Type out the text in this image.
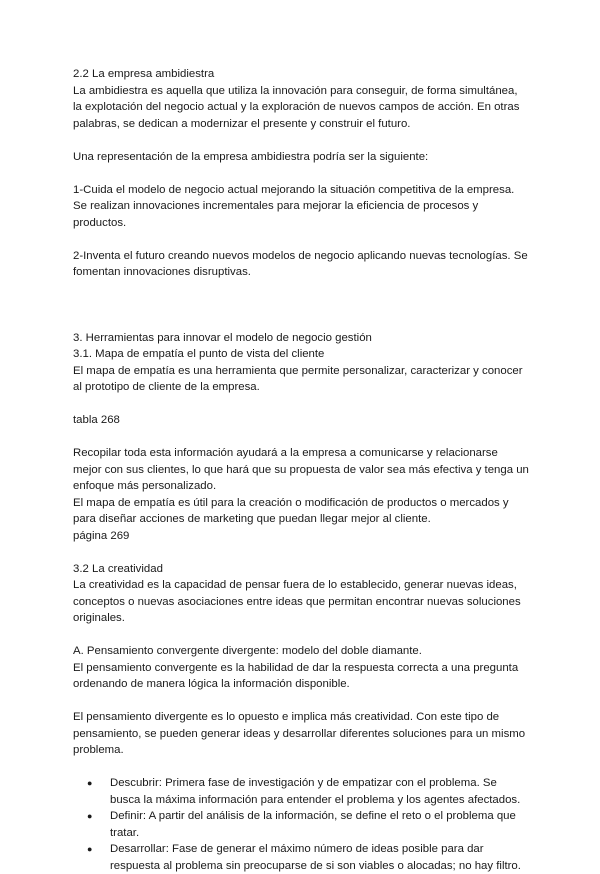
2.2 La empresa ambidiestra
La ambidiestra es aquella que utiliza la innovación para conseguir, de forma simultánea, la explotación del negocio actual y la exploración de nuevos campos de acción. En otras palabras, se dedican a modernizar el presente y construir el futuro.
Una representación de la empresa ambidiestra podría ser la siguiente:
1-Cuida el modelo de negocio actual mejorando la situación competitiva de la empresa. Se realizan innovaciones incrementales para mejorar la eficiencia de procesos y productos.
2-Inventa el futuro creando nuevos modelos de negocio aplicando nuevas tecnologías. Se fomentan innovaciones disruptivas.
3. Herramientas para innovar el modelo de negocio gestión
3.1. Mapa de empatía el punto de vista del cliente
El mapa de empatía es una herramienta que permite personalizar, caracterizar y conocer al prototipo de cliente de la empresa.
tabla 268
Recopilar toda esta información ayudará a la empresa a comunicarse y relacionarse mejor con sus clientes, lo que hará que su propuesta de valor sea más efectiva y tenga un enfoque más personalizado.
El mapa de empatía es útil para la creación o modificación de productos o mercados y para diseñar acciones de marketing que puedan llegar mejor al cliente.
página 269
3.2 La creatividad
La creatividad es la capacidad de pensar fuera de lo establecido, generar nuevas ideas, conceptos o nuevas asociaciones entre ideas que permitan encontrar nuevas soluciones originales.
A. Pensamiento convergente divergente: modelo del doble diamante.
El pensamiento convergente es la habilidad de dar la respuesta correcta a una pregunta ordenando de manera lógica la información disponible.
El pensamiento divergente es lo opuesto e implica más creatividad. Con este tipo de pensamiento, se pueden generar ideas y desarrollar diferentes soluciones para un mismo problema.
● Descubrir: Primera fase de investigación y de empatizar con el problema. Se busca la máxima información para entender el problema y los agentes afectados.
● Definir: A partir del análisis de la información, se define el reto o el problema que tratar.
● Desarrollar: Fase de generar el máximo número de ideas posible para dar respuesta al problema sin preocuparse de si son viables o alocadas; no hay filtro.
